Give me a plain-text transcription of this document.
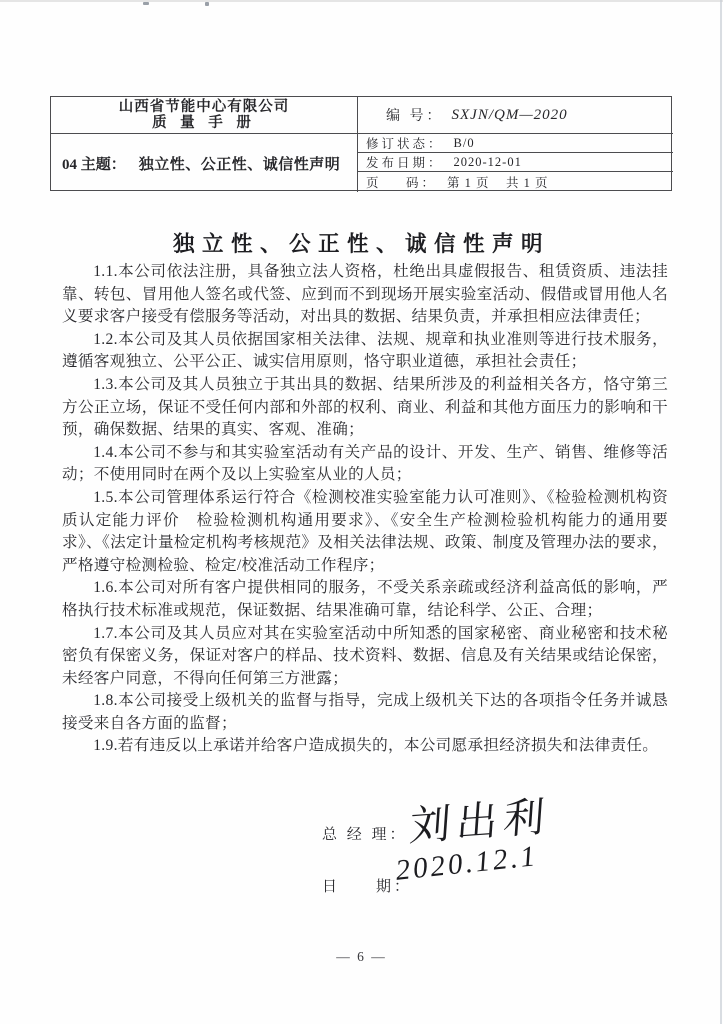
山西省节能中心有限公司
质 量 手 册
04 主题： 独立性、公正性、诚信性声明
编 号： SXJN/QM—2020
修订状态： B/0
发布日期： 2020-12-01
页    码： 第 1 页    共 1 页
独立性、公正性、诚信性声明

1.1.本公司依法注册，具备独立法人资格，杜绝出具虚假报告、租赁资质、违法挂靠、转包、冒用他人签名或代签、应到而不到现场开展实验室活动、假借或冒用他人名义要求客户接受有偿服务等活动，对出具的数据、结果负责，并承担相应法律责任；

1.2.本公司及其人员依据国家相关法律、法规、规章和执业准则等进行技术服务，遵循客观独立、公平公正、诚实信用原则，恪守职业道德，承担社会责任；

1.3.本公司及其人员独立于其出具的数据、结果所涉及的利益相关各方，恪守第三方公正立场，保证不受任何内部和外部的权利、商业、利益和其他方面压力的影响和干预，确保数据、结果的真实、客观、准确；

1.4.本公司不参与和其实验室活动有关产品的设计、开发、生产、销售、维修等活动；不使用同时在两个及以上实验室从业的人员；

1.5.本公司管理体系运行符合《检测校准实验室能力认可准则》、《检验检测机构资质认定能力评价　检验检测机构通用要求》、《安全生产检测检验机构能力的通用要求》、《法定计量检定机构考核规范》及相关法律法规、政策、制度及管理办法的要求，严格遵守检测检验、检定/校准活动工作程序；

1.6.本公司对所有客户提供相同的服务，不受关系亲疏或经济利益高低的影响，严格执行技术标准或规范，保证数据、结果准确可靠，结论科学、公正、合理；

1.7.本公司及其人员应对其在实验室活动中所知悉的国家秘密、商业秘密和技术秘密负有保密义务，保证对客户的样品、技术资料、数据、信息及有关结果或结论保密，未经客户同意，不得向任何第三方泄露；

1.8.本公司接受上级机关的监督与指导，完成上级机关下达的各项指令任务并诚恳接受来自各方面的监督；

1.9.若有违反以上承诺并给客户造成损失的，本公司愿承担经济损失和法律责任。

总 经 理： 刘出利
日　　期：
2020.12.1
— 6 —
